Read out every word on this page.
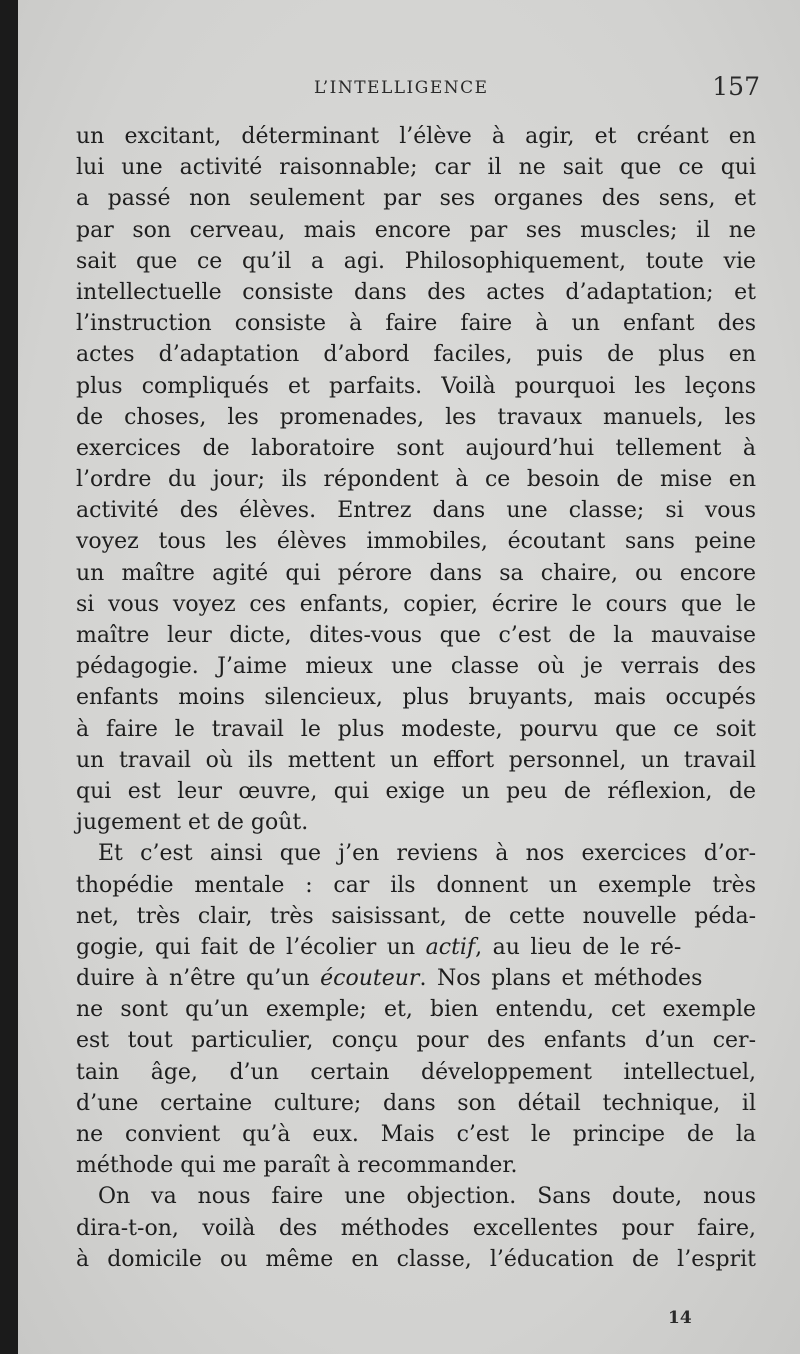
L’INTELLIGENCE	157
un excitant, déterminant l’élève à agir, et créant en
lui une activité raisonnable; car il ne sait que ce qui
a passé non seulement par ses organes des sens, et
par son cerveau, mais encore par ses muscles; il ne
sait que ce qu’il a agi. Philosophiquement, toute vie
intellectuelle consiste dans des actes d’adaptation; et
l’instruction consiste à faire faire à un enfant des
actes d’adaptation d’abord faciles, puis de plus en
plus compliqués et parfaits. Voilà pourquoi les leçons
de choses, les promenades, les travaux manuels, les
exercices de laboratoire sont aujourd’hui tellement à
l’ordre du jour; ils répondent à ce besoin de mise en
activité des élèves. Entrez dans une classe; si vous
voyez tous les élèves immobiles, écoutant sans peine
un maître agité qui pérore dans sa chaire, ou encore
si vous voyez ces enfants, copier, écrire le cours que le
maître leur dicte, dites-vous que c’est de la mauvaise
pédagogie. J’aime mieux une classe où je verrais des
enfants moins silencieux, plus bruyants, mais occupés
à faire le travail le plus modeste, pourvu que ce soit
un travail où ils mettent un effort personnel, un travail
qui est leur œuvre, qui exige un peu de réflexion, de
jugement et de goût.
Et c’est ainsi que j’en reviens à nos exercices d’or-
thopédie mentale : car ils donnent un exemple très
net, très clair, très saisissant, de cette nouvelle péda-
gogie, qui fait de l’écolier un actif, au lieu de le ré-
duire à n’être qu’un écouteur. Nos plans et méthodes
ne sont qu’un exemple; et, bien entendu, cet exemple
est tout particulier, conçu pour des enfants d’un cer-
tain âge, d’un certain développement intellectuel,
d’une certaine culture; dans son détail technique, il
ne convient qu’à eux. Mais c’est le principe de la
méthode qui me paraît à recommander.
On va nous faire une objection. Sans doute, nous
dira-t-on, voilà des méthodes excellentes pour faire,
à domicile ou même en classe, l’éducation de l’esprit
14
